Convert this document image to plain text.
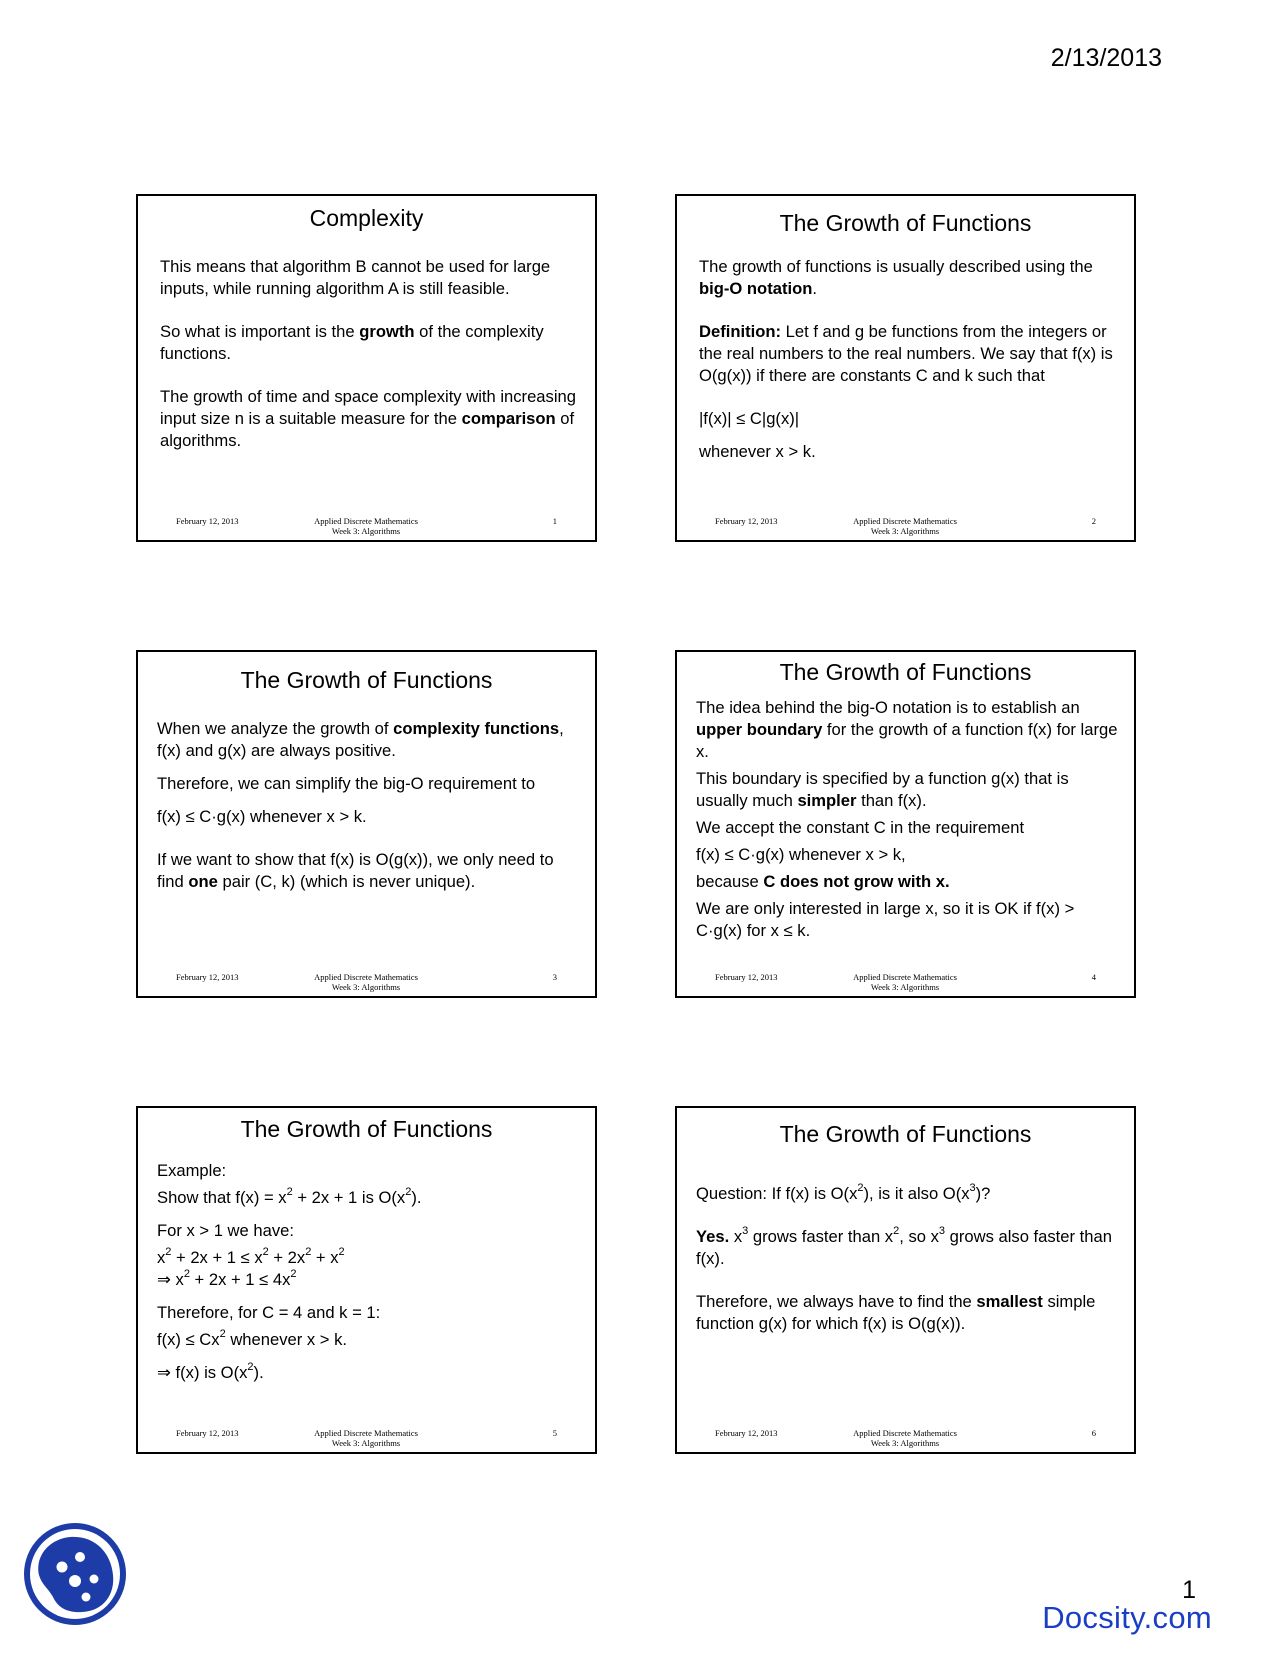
2/13/2013
Complexity

This means that algorithm B cannot be used for large inputs, while running algorithm A is still feasible.

So what is important is the growth of the complexity functions.

The growth of time and space complexity with increasing input size n is a suitable measure for the comparison of algorithms.

February 12, 2013	Applied Discrete Mathematics
Week 3: Algorithms
1
The Growth of Functions

The growth of functions is usually described using the big-O notation.

Definition: Let f and g be functions from the integers or the real numbers to the real numbers. We say that f(x) is O(g(x)) if there are constants C and k such that

|f(x)| ≤ C|g(x)|

whenever x > k.

February 12, 2013	Applied Discrete Mathematics
Week 3: Algorithms
2
The Growth of Functions

When we analyze the growth of complexity functions, f(x) and g(x) are always positive.

Therefore, we can simplify the big-O requirement to

f(x) ≤ C·g(x) whenever x > k.

If we want to show that f(x) is O(g(x)), we only need to find one pair (C, k) (which is never unique).

February 12, 2013	Applied Discrete Mathematics
Week 3: Algorithms
3
The Growth of Functions

The idea behind the big-O notation is to establish an upper boundary for the growth of a function f(x) for large x.

This boundary is specified by a function g(x) that is usually much simpler than f(x).

We accept the constant C in the requirement

f(x) ≤ C·g(x) whenever x > k,

because C does not grow with x.

We are only interested in large x, so it is OK if f(x) > C·g(x) for x ≤ k.

February 12, 2013	Applied Discrete Mathematics
Week 3: Algorithms
4
The Growth of Functions

Example:

Show that $f(x) = x^2 + 2x + 1$ is $O(x^2)$.

For x > 1 we have:

$x^2 + 2x + 1 \le x^2 + 2x^2 + x^2$
⇒ $x^2 + 2x + 1 \le 4x^2$

Therefore, for C = 4 and k = 1:

$f(x) \le Cx^2$ whenever x > k.

⇒ f(x) is $O(x^2)$.

February 12, 2013	Applied Discrete Mathematics
Week 3: Algorithms
5
The Growth of Functions

Question: If f(x) is $O(x^2)$, is it also $O(x^3)$?

Yes. $x^3$ grows faster than $x^2$, so $x^3$ grows also faster than f(x).

Therefore, we always have to find the smallest simple function g(x) for which f(x) is O(g(x)).

February 12, 2013	Applied Discrete Mathematics
Week 3: Algorithms
6
1
Docsity.com
